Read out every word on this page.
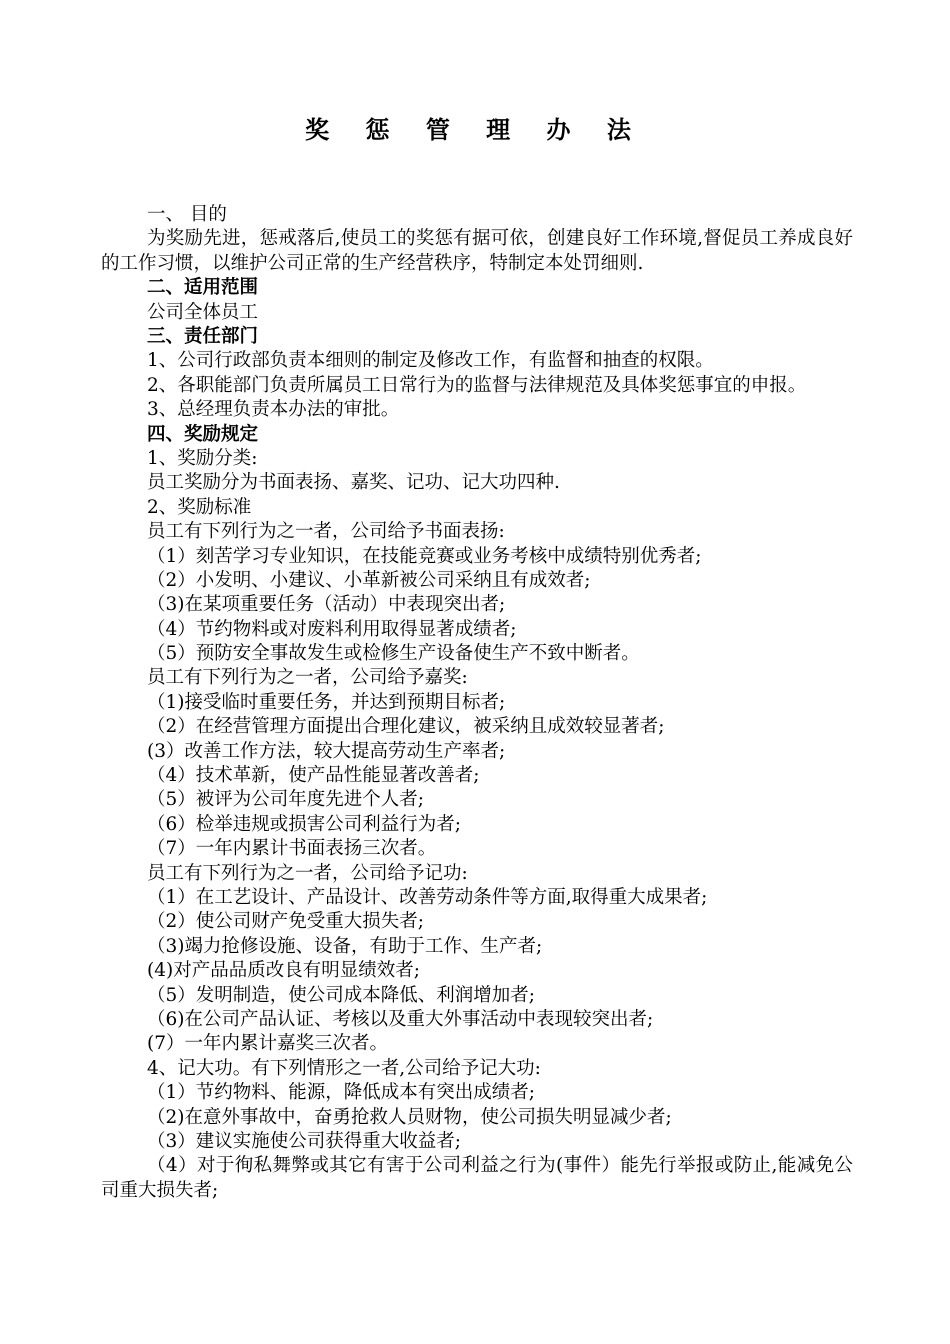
奖 惩 管 理 办 法
一、 目的
为奖励先进，惩戒落后,使员工的奖惩有据可依，创建良好工作环境,督促员工养成良好的工作习惯，以维护公司正常的生产经营秩序，特制定本处罚细则.
二、适用范围
公司全体员工
三、责任部门
1、公司行政部负责本细则的制定及修改工作，有监督和抽查的权限。
2、各职能部门负责所属员工日常行为的监督与法律规范及具体奖惩事宜的申报。
3、总经理负责本办法的审批。
四、奖励规定
1、奖励分类:
员工奖励分为书面表扬、嘉奖、记功、记大功四种.
2、奖励标准
员工有下列行为之一者，公司给予书面表扬:
（1）刻苦学习专业知识，在技能竞赛或业务考核中成绩特别优秀者;
（2）小发明、小建议、小革新被公司采纳且有成效者;
（3)在某项重要任务（活动）中表现突出者;
（4）节约物料或对废料利用取得显著成绩者;
（5）预防安全事故发生或检修生产设备使生产不致中断者。
员工有下列行为之一者，公司给予嘉奖:
（1)接受临时重要任务，并达到预期目标者;
（2）在经营管理方面提出合理化建议，被采纳且成效较显著者;
(3）改善工作方法，较大提高劳动生产率者;
（4）技术革新，使产品性能显著改善者;
（5）被评为公司年度先进个人者;
（6）检举违规或损害公司利益行为者;
（7）一年内累计书面表扬三次者。
员工有下列行为之一者，公司给予记功:
（1）在工艺设计、产品设计、改善劳动条件等方面,取得重大成果者;
（2）使公司财产免受重大损失者;
（3)竭力抢修设施、设备，有助于工作、生产者;
(4)对产品品质改良有明显绩效者;
（5）发明制造，使公司成本降低、利润增加者;
（6)在公司产品认证、考核以及重大外事活动中表现较突出者;
(7）一年内累计嘉奖三次者。
4、记大功。有下列情形之一者,公司给予记大功:
（1）节约物料、能源，降低成本有突出成绩者;
（2)在意外事故中，奋勇抢救人员财物，使公司损失明显减少者;
（3）建议实施使公司获得重大收益者;
（4）对于徇私舞弊或其它有害于公司利益之行为(事件）能先行举报或防止,能减免公司重大损失者;
